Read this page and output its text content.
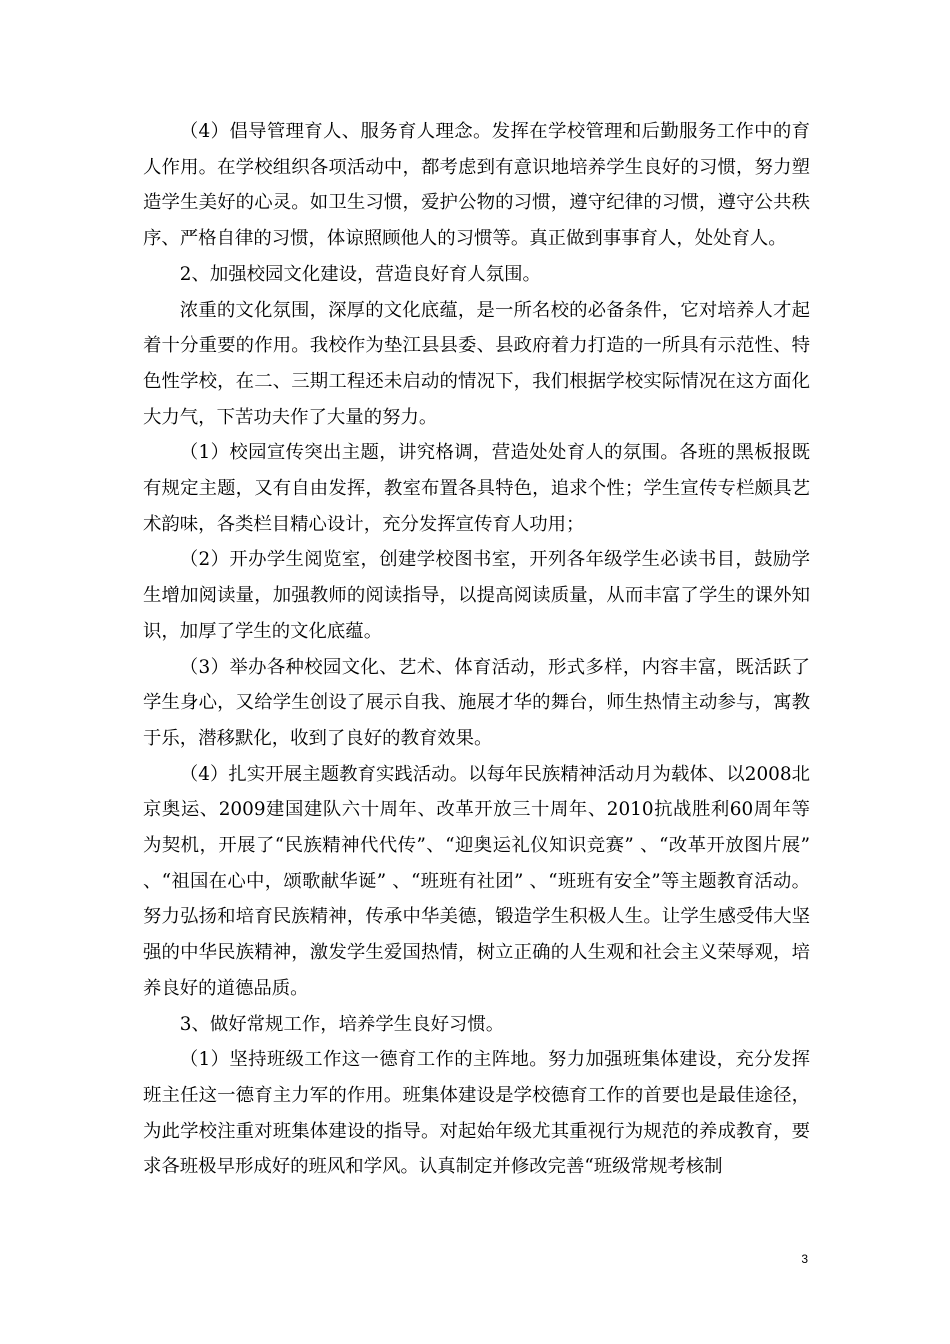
（4）倡导管理育人、服务育人理念。发挥在学校管理和后勤服务工作中的育人作用。在学校组织各项活动中，都考虑到有意识地培养学生良好的习惯，努力塑造学生美好的心灵。如卫生习惯，爱护公物的习惯，遵守纪律的习惯，遵守公共秩序、严格自律的习惯，体谅照顾他人的习惯等。真正做到事事育人，处处育人。

2、加强校园文化建设，营造良好育人氛围。

浓重的文化氛围，深厚的文化底蕴，是一所名校的必备条件，它对培养人才起着十分重要的作用。我校作为垫江县县委、县政府着力打造的一所具有示范性、特色性学校，在二、三期工程还未启动的情况下，我们根据学校实际情况在这方面化大力气，下苦功夫作了大量的努力。

（1）校园宣传突出主题，讲究格调，营造处处育人的氛围。各班的黑板报既有规定主题，又有自由发挥，教室布置各具特色，追求个性；学生宣传专栏颇具艺术韵味，各类栏目精心设计，充分发挥宣传育人功用；

（2）开办学生阅览室，创建学校图书室，开列各年级学生必读书目，鼓励学生增加阅读量，加强教师的阅读指导，以提高阅读质量，从而丰富了学生的课外知识，加厚了学生的文化底蕴。

（3）举办各种校园文化、艺术、体育活动，形式多样，内容丰富，既活跃了学生身心，又给学生创设了展示自我、施展才华的舞台，师生热情主动参与，寓教于乐，潜移默化，收到了良好的教育效果。

（4）扎实开展主题教育实践活动。以每年民族精神活动月为载体、以2008北京奥运、2009建国建队六十周年、改革开放三十周年、2010抗战胜利60周年等为契机，开展了“民族精神代代传”、“迎奥运礼仪知识竞赛” 、“改革开放图片展” 、“祖国在心中，颂歌献华诞” 、“班班有社团” 、“班班有安全”等主题教育活动。努力弘扬和培育民族精神，传承中华美德，锻造学生积极人生。让学生感受伟大坚强的中华民族精神，激发学生爱国热情，树立正确的人生观和社会主义荣辱观，培养良好的道德品质。

3、做好常规工作，培养学生良好习惯。

（1）坚持班级工作这一德育工作的主阵地。努力加强班集体建设，充分发挥班主任这一德育主力军的作用。班集体建设是学校德育工作的首要也是最佳途径，为此学校注重对班集体建设的指导。对起始年级尤其重视行为规范的养成教育，要求各班极早形成好的班风和学风。认真制定并修改完善“班级常规考核制

3
